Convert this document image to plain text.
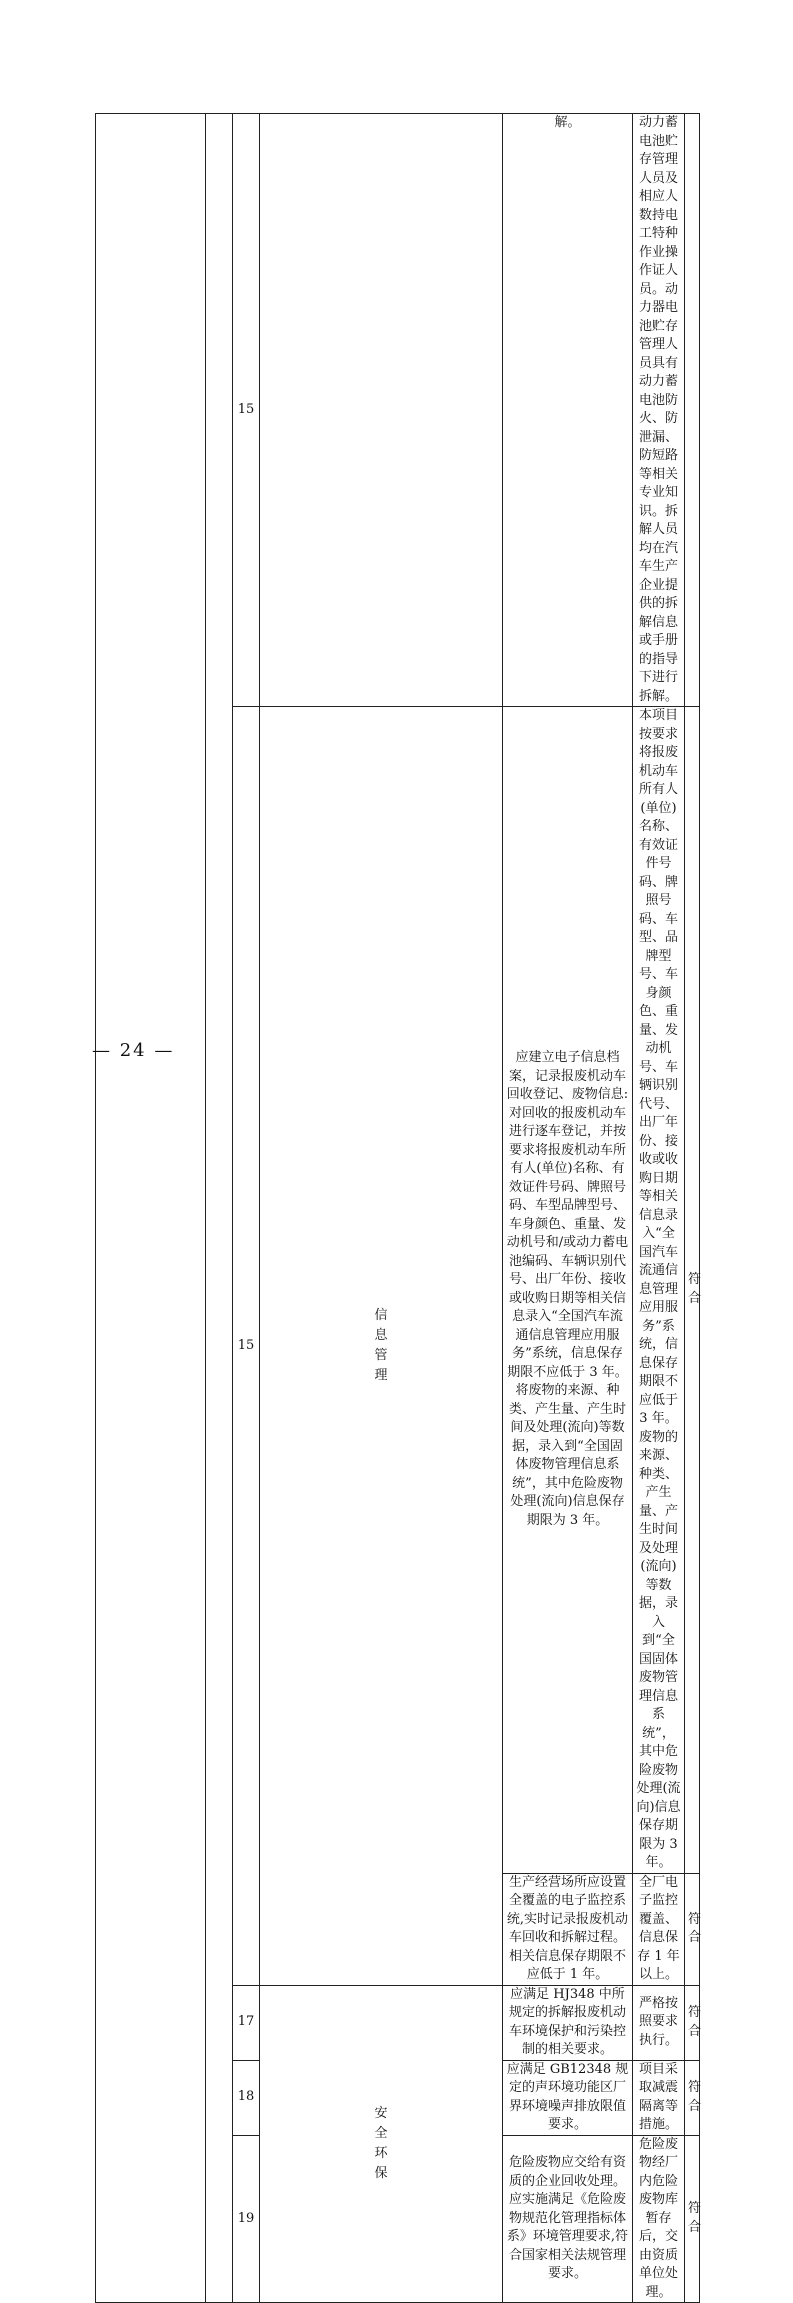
		15		解。	动力蓄电池贮存管理人员及相应人数持电工特种作业操作证人员。动力器电池贮存管理人员具有动力蓄电池防火、防泄漏、防短路等相关专业知识。拆解人员均在汽车生产企业提供的拆解信息或手册的指导下进行拆解。	
		15	信息管理	应建立电子信息档案，记录报废机动车回收登记、废物信息:对回收的报废机动车进行逐车登记，并按要求将报废机动车所有人(单位)名称、有效证件号码、牌照号码、车型品牌型号、车身颜色、重量、发动机号和/或动力蓄电池编码、车辆识别代号、出厂年份、接收或收购日期等相关信息录入“全国汽车流通信息管理应用服务”系统，信息保存期限不应低于 3 年。将废物的来源、种类、产生量、产生时间及处理(流向)等数据，录入到“全国固体废物管理信息系统”，其中危险废物处理(流向)信息保存期限为 3 年。	本项目按要求将报废机动车所有人(单位)名称、有效证件号码、牌照号码、车型、品牌型号、车身颜色、重量、发动机号、车辆识别代号、出厂年份、接收或收购日期等相关信息录入“全国汽车流通信息管理应用服务”系统，信息保存期限不应低于 3 年。废物的来源、种类、产生量、产生时间及处理(流向)等数据，录入到“全国固体废物管理信息系统”，其中危险废物处理(流向)信息保存期限为 3 年。	符合
				生产经营场所应设置全覆盖的电子监控系统,实时记录报废机动车回收和拆解过程。相关信息保存期限不应低于 1 年。	全厂电子监控覆盖、信息保存 1 年以上。	符合
		17	安全环保	应满足 HJ348 中所规定的拆解报废机动车环境保护和污染控制的相关要求。	严格按照要求执行。	符合
		18		应满足 GB12348 规定的声环境功能区厂界环境噪声排放限值要求。	项目采取减震隔离等措施。	符合
		19		危险废物应交给有资质的企业回收处理。应实施满足《危险废物规范化管理指标体系》环境管理要求,符合国家相关法规管理要求。	危险废物经厂内危险废物库暂存后，交由资质单位处理。	符合
— 24 —
